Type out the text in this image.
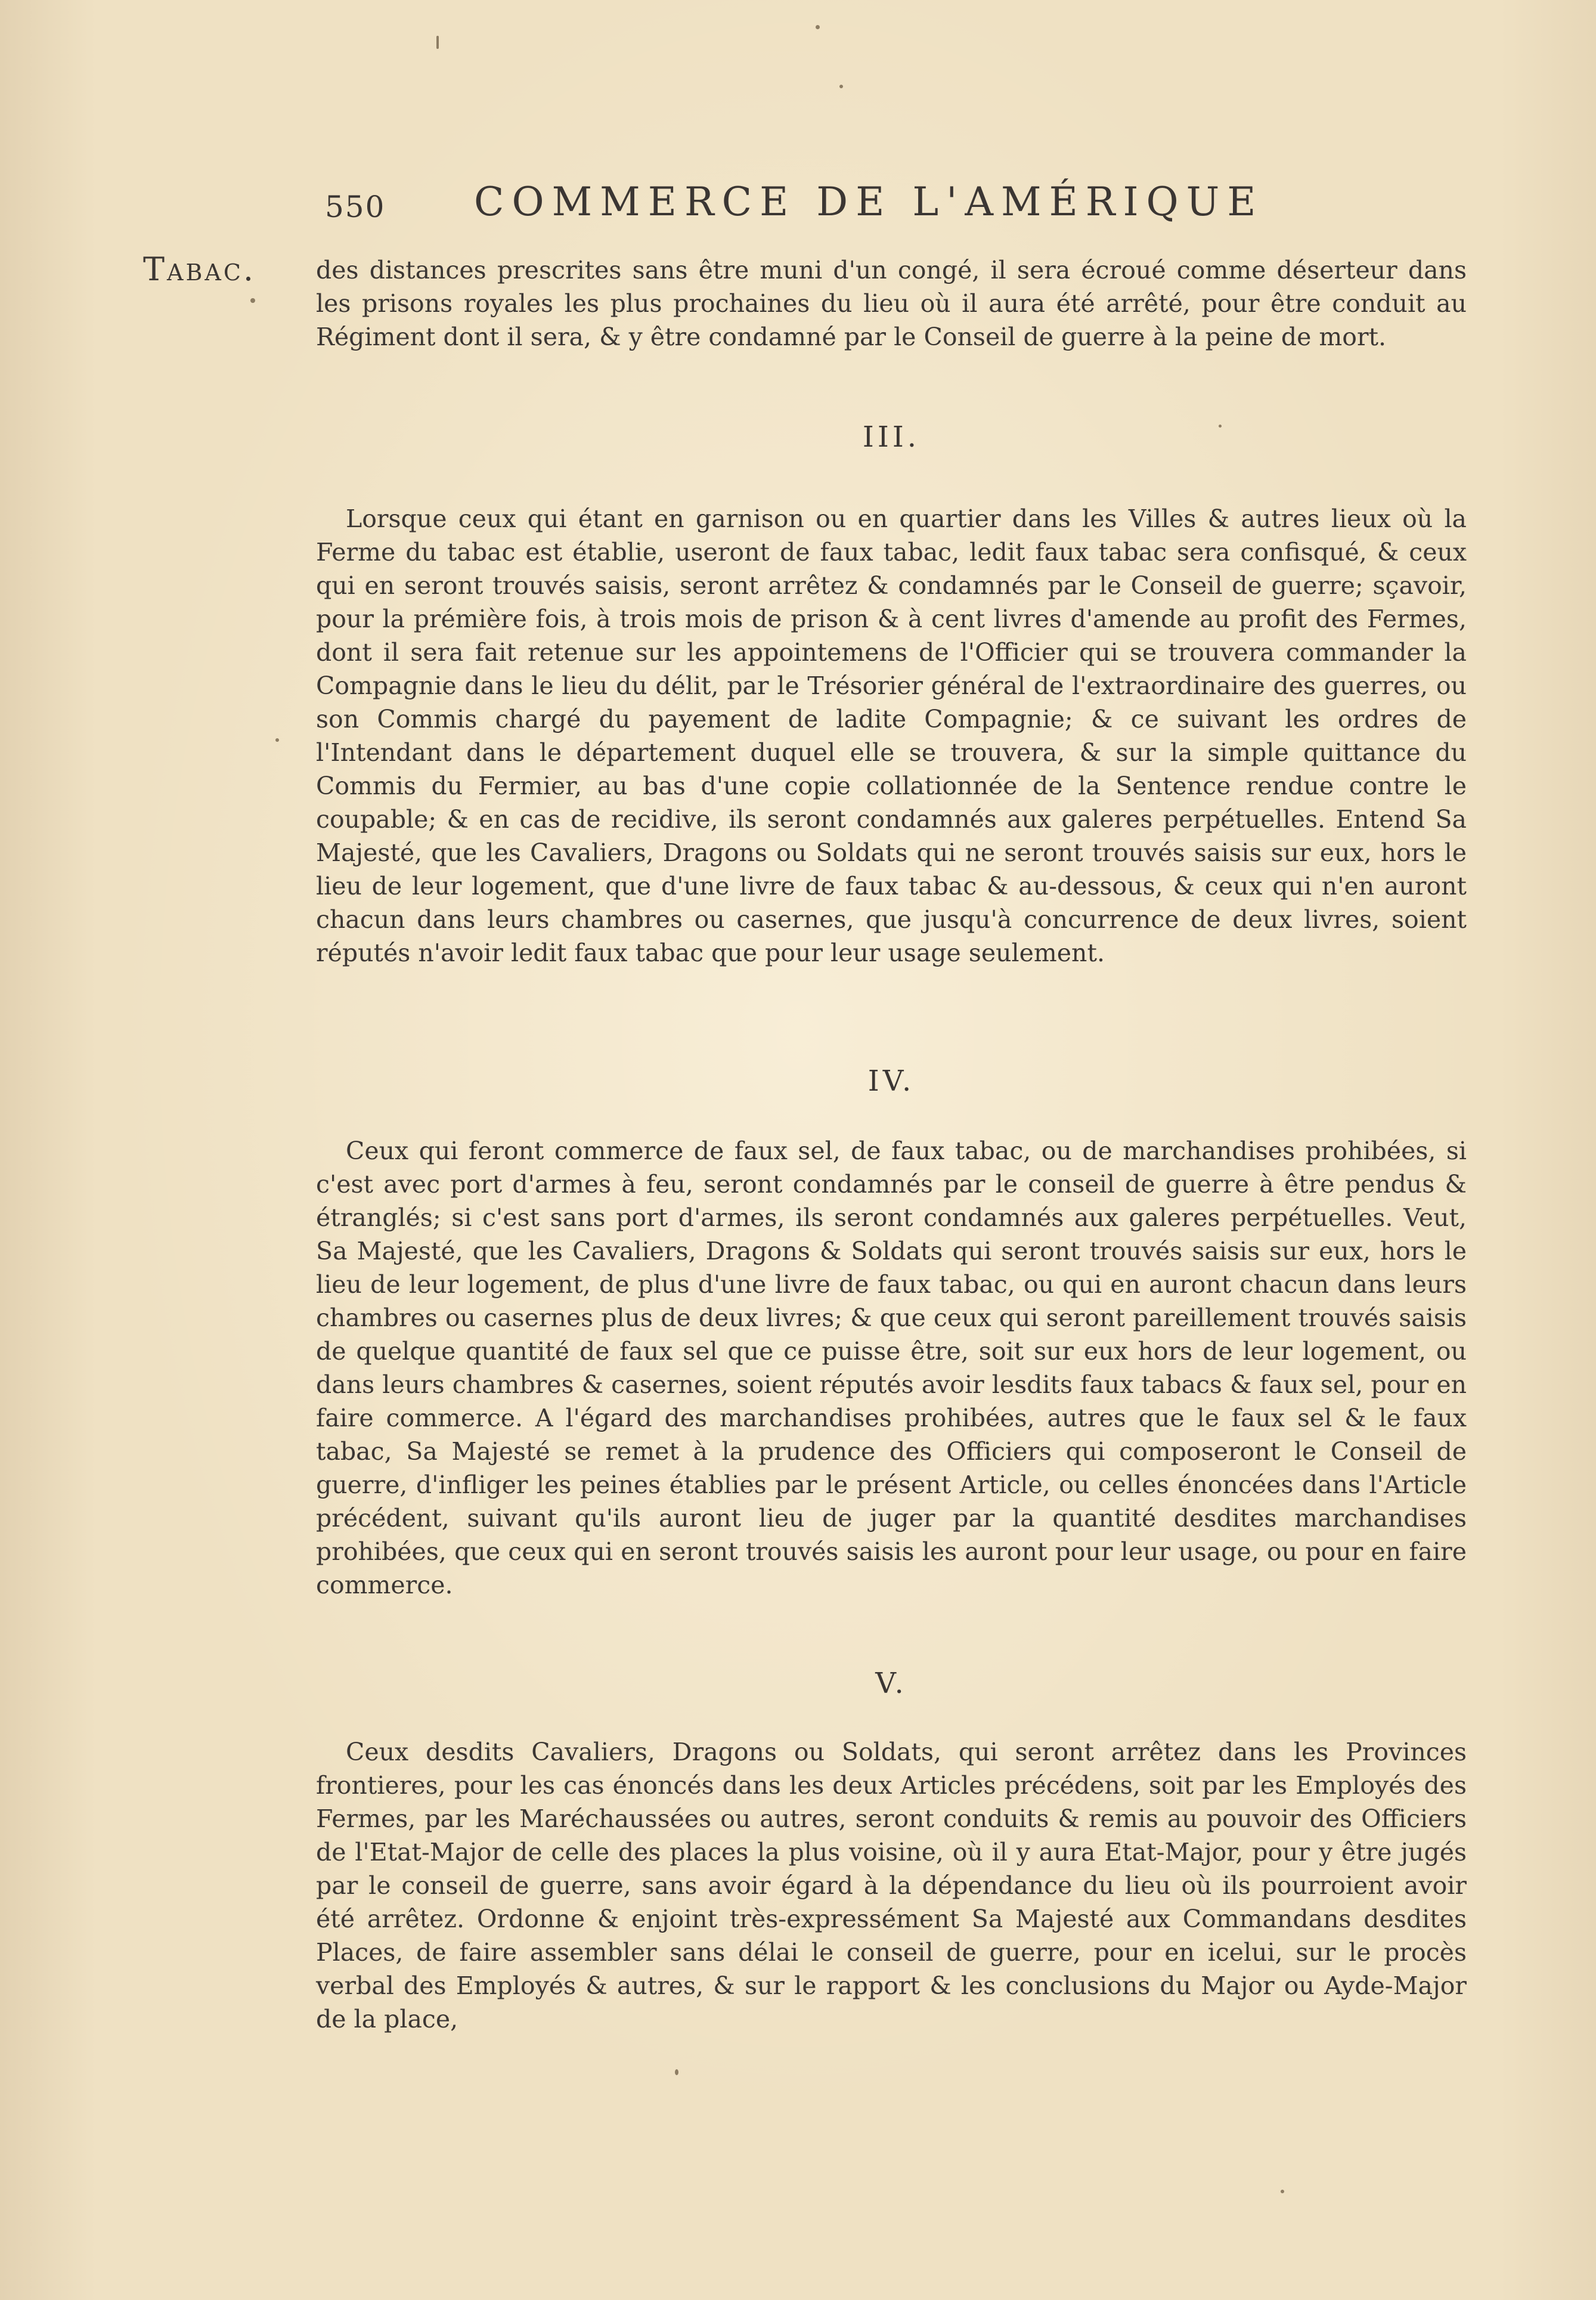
550 COMMERCE DE L'AMÉRIQUE
Tabac. des distances prescrites sans être muni d'un congé, il sera écroué comme déserteur dans les prisons royales les plus prochaines du lieu où il aura été arrêté, pour être conduit au Régiment dont il sera, & y être condamné par le Conseil de guerre à la peine de mort.

III.

Lorsque ceux qui étant en garnison ou en quartier dans les Villes & autres lieux où la Ferme du tabac est établie, useront de faux tabac, ledit faux tabac sera confisqué, & ceux qui en seront trouvés saisis, seront arrêtez & condamnés par le Conseil de guerre; sçavoir, pour la prémière fois, à trois mois de prison & à cent livres d'amende au profit des Fermes, dont il sera fait retenue sur les appointemens de l'Officier qui se trouvera commander la Compagnie dans le lieu du délit, par le Trésorier général de l'extraordinaire des guerres, ou son Commis chargé du payement de ladite Compagnie; & ce suivant les ordres de l'Intendant dans le département duquel elle se trouvera, & sur la simple quittance du Commis du Fermier, au bas d'une copie collationnée de la Sentence rendue contre le coupable; & en cas de recidive, ils seront condamnés aux galeres perpétuelles. Entend Sa Majesté, que les Cavaliers, Dragons ou Soldats qui ne seront trouvés saisis sur eux, hors le lieu de leur logement, que d'une livre de faux tabac & au-dessous, & ceux qui n'en auront chacun dans leurs chambres ou casernes, que jusqu'à concurrence de deux livres, soient réputés n'avoir ledit faux tabac que pour leur usage seulement.

IV.

Ceux qui feront commerce de faux sel, de faux tabac, ou de marchandises prohibées, si c'est avec port d'armes à feu, seront condamnés par le conseil de guerre à être pendus & étranglés; si c'est sans port d'armes, ils seront condamnés aux galeres perpétuelles. Veut, Sa Majesté, que les Cavaliers, Dragons & Soldats qui seront trouvés saisis sur eux, hors le lieu de leur logement, de plus d'une livre de faux tabac, ou qui en auront chacun dans leurs chambres ou casernes plus de deux livres; & que ceux qui seront pareillement trouvés saisis de quelque quantité de faux sel que ce puisse être, soit sur eux hors de leur logement, ou dans leurs chambres & casernes, soient réputés avoir lesdits faux tabacs & faux sel, pour en faire commerce. A l'égard des marchandises prohibées, autres que le faux sel & le faux tabac, Sa Majesté se remet à la prudence des Officiers qui composeront le Conseil de guerre, d'infliger les peines établies par le présent Article, ou celles énoncées dans l'Article précédent, suivant qu'ils auront lieu de juger par la quantité desdites marchandises prohibées, que ceux qui en seront trouvés saisis les auront pour leur usage, ou pour en faire commerce.

V.

Ceux desdits Cavaliers, Dragons ou Soldats, qui seront arrêtez dans les Provinces frontieres, pour les cas énoncés dans les deux Articles précédens, soit par les Employés des Fermes, par les Maréchaussées ou autres, seront conduits & remis au pouvoir des Officiers de l'Etat-Major de celle des places la plus voisine, où il y aura Etat-Major, pour y être jugés par le conseil de guerre, sans avoir égard à la dépendance du lieu où ils pourroient avoir été arrêtez. Ordonne & enjoint très-expressément Sa Majesté aux Commandans desdites Places, de faire assembler sans délai le conseil de guerre, pour en icelui, sur le procès verbal des Employés & autres, & sur le rapport & les conclusions du Major ou Ayde-Major de la place,
